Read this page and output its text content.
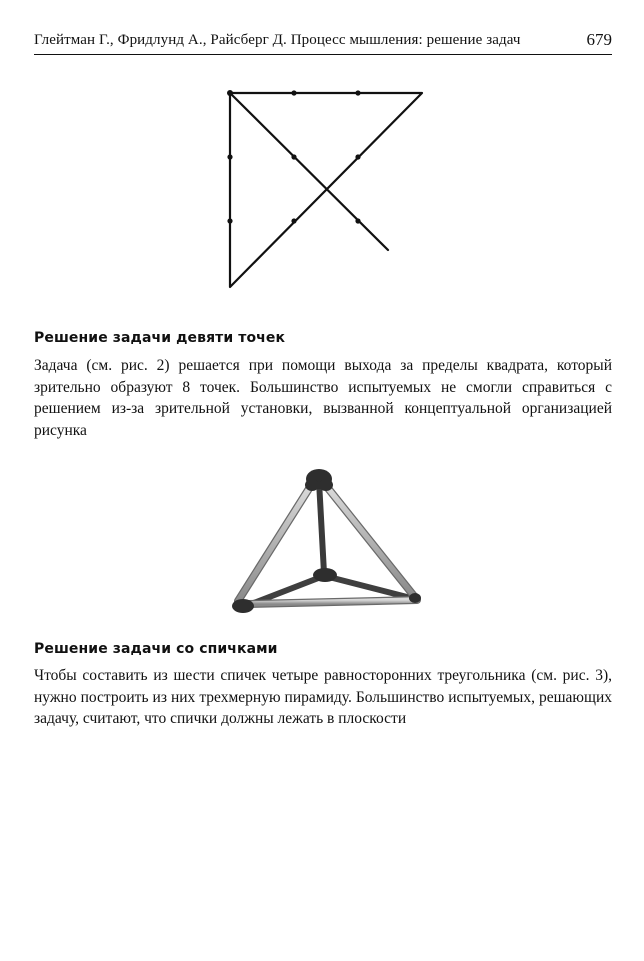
Глейтман Г., Фридлунд А., Райсберг Д. Процесс мышления: решение задач	679
Решение задачи девяти точек

Задача (см. рис. 2) решается при помощи выхода за пределы квадрата, который зрительно образуют 8 точек. Большинство испытуемых не смогли справиться с решением из-за зрительной установки, вызванной концептуальной организацией рисунка

Решение задачи со спичками

Чтобы составить из шести спичек четыре равносторонних треугольника (см. рис. 3), нужно построить из них трехмерную пирамиду. Большинство испытуемых, решающих задачу, считают, что спички должны лежать в плоскости
